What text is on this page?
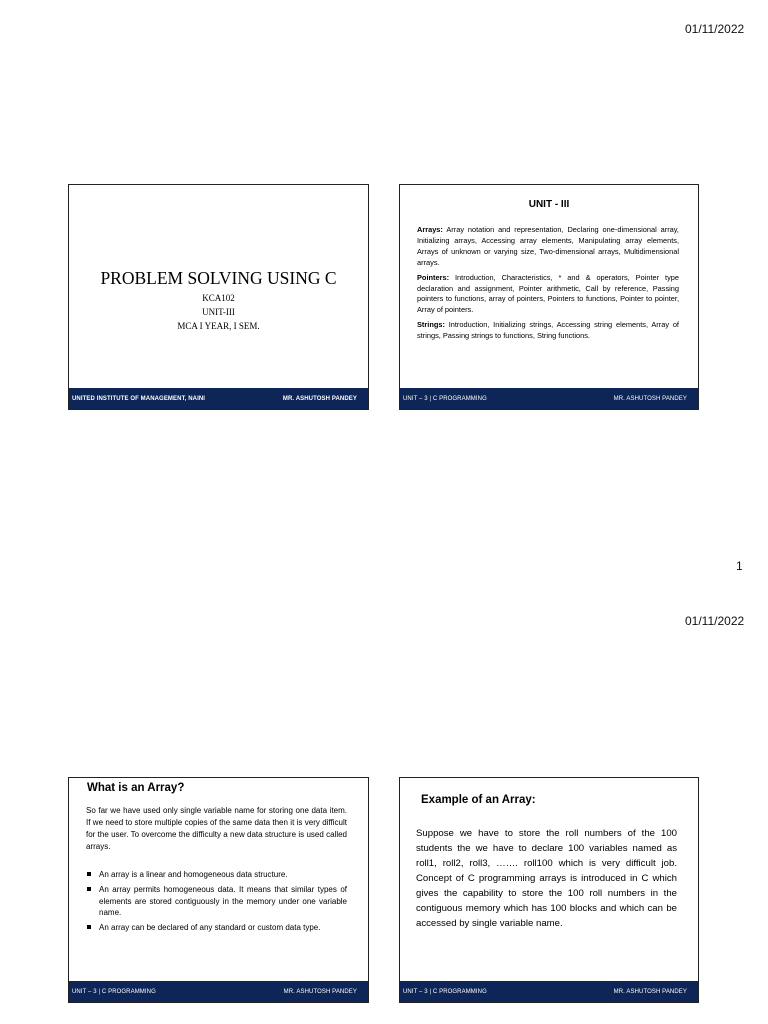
01/11/2022
PROBLEM SOLVING USING C
KCA102
UNIT-III
MCA I YEAR, I SEM.
UNITED INSTITUTE OF MANAGEMENT, NAINI	MR. ASHUTOSH PANDEY
UNIT - III

Arrays: Array notation and representation, Declaring one-dimensional array, Initializing arrays, Accessing array elements, Manipulating array elements, Arrays of unknown or varying size, Two-dimensional arrays, Multidimensional arrays.

Pointers: Introduction, Characteristics, * and & operators, Pointer type declaration and assignment, Pointer arithmetic, Call by reference, Passing pointers to functions, array of pointers, Pointers to functions, Pointer to pointer, Array of pointers.

Strings: Introduction, Initializing strings, Accessing string elements, Array of strings, Passing strings to functions, String functions.

UNIT – 3 | C PROGRAMMING	MR. ASHUTOSH PANDEY
1
01/11/2022
What is an Array?
So far we have used only single variable name for storing one data item. If we need to store multiple copies of the same data then it is very difficult for the user. To overcome the difficulty a new data structure is used called arrays.
An array is a linear and homogeneous data structure.
An array permits homogeneous data. It means that similar types of elements are stored contiguously in the memory under one variable name.
An array can be declared of any standard or custom data type.
UNIT – 3 | C PROGRAMMING	MR. ASHUTOSH PANDEY
Example of an Array:
Suppose we have to store the roll numbers of the 100 students the we have to declare 100 variables named as roll1, roll2, roll3, ……. roll100 which is very difficult job. Concept of C programming arrays is introduced in C which gives the capability to store the 100 roll numbers in the contiguous memory which has 100 blocks and which can be accessed by single variable name.
UNIT – 3 | C PROGRAMMING	MR. ASHUTOSH PANDEY
